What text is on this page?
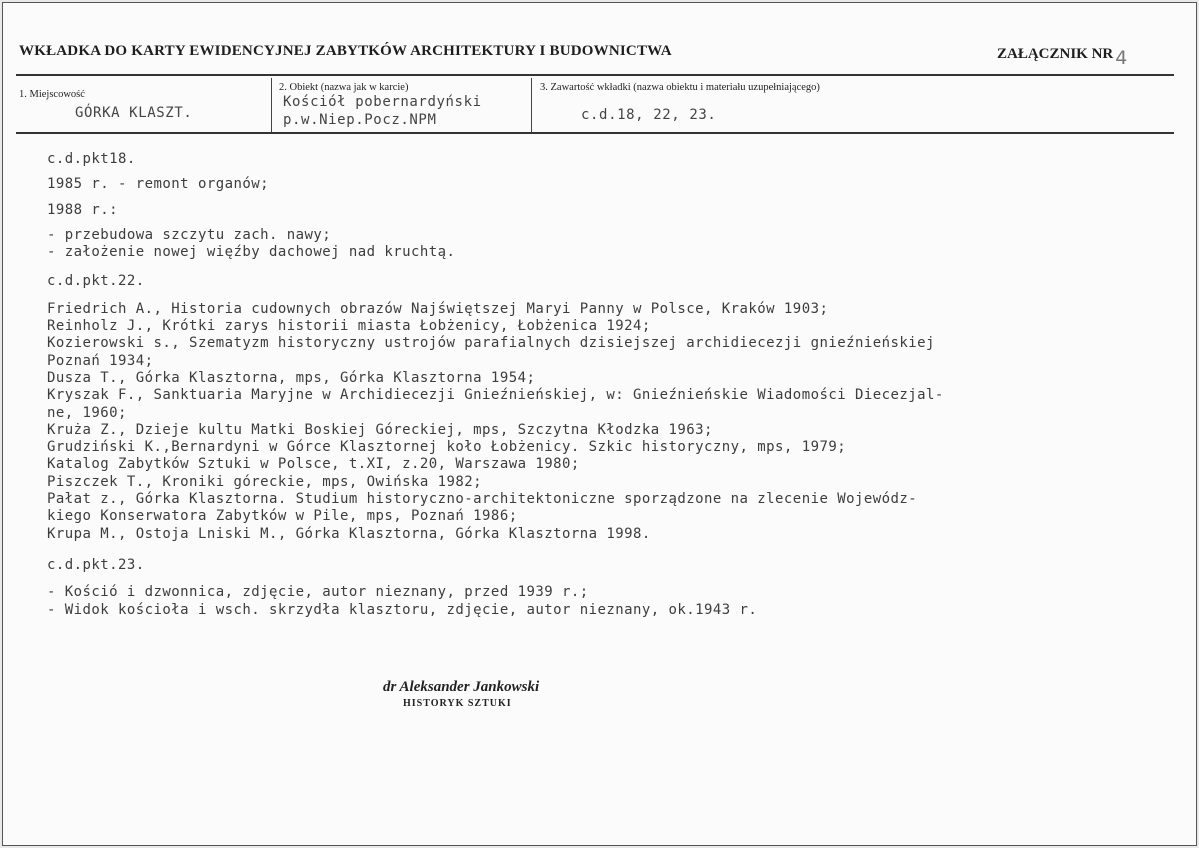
WKŁADKA DO KARTY EWIDENCYJNEJ ZABYTKÓW ARCHITEKTURY I BUDOWNICTWA	ZAŁĄCZNIK NR 4
1. Miejscowość
GÓRKA KLASZT.
2. Obiekt (nazwa jak w karcie)
Kościół pobernardyński
p.w.Niep.Pocz.NPM
3. Zawartość wkładki (nazwa obiektu i materiału uzupełniającego)
c.d.18, 22, 23.
c.d.pkt18.
1985 r. - remont organów;
1988 r.:
- przebudowa szczytu zach. nawy;
- założenie nowej więźby dachowej nad kruchtą.
c.d.pkt.22.
Friedrich A., Historia cudownych obrazów Najświętszej Maryi Panny w Polsce, Kraków 1903;
Reinholz J., Krótki zarys historii miasta Łobżenicy, Łobżenica 1924;
Kozierowski s., Szematyzm historyczny ustrojów parafialnych dzisiejszej archidiecezji gnieźnieńskiej
Poznań 1934;
Dusza T., Górka Klasztorna, mps, Górka Klasztorna 1954;
Kryszak F., Sanktuaria Maryjne w Archidiecezji Gnieźnieńskiej, w: Gnieźnieńskie Wiadomości Diecezjal-
ne, 1960;
Kruża Z., Dzieje kultu Matki Boskiej Góreckiej, mps, Szczytna Kłodzka 1963;
Grudziński K.,Bernardyni w Górce Klasztornej koło Łobżenicy. Szkic historyczny, mps, 1979;
Katalog Zabytków Sztuki w Polsce, t.XI, z.20, Warszawa 1980;
Piszczek T., Kroniki góreckie, mps, Owińska 1982;
Pałat z., Górka Klasztorna. Studium historyczno-architektoniczne sporządzone na zlecenie Wojewódz-
kiego Konserwatora Zabytków w Pile, mps, Poznań 1986;
Krupa M., Ostoja Lniski M., Górka Klasztorna, Górka Klasztorna 1998.
c.d.pkt.23.
- Kośció i dzwonnica, zdjęcie, autor nieznany, przed 1939 r.;
- Widok kościoła i wsch. skrzydła klasztoru, zdjęcie, autor nieznany, ok.1943 r.
dr Aleksander Jankowski
HISTORYK SZTUKI
